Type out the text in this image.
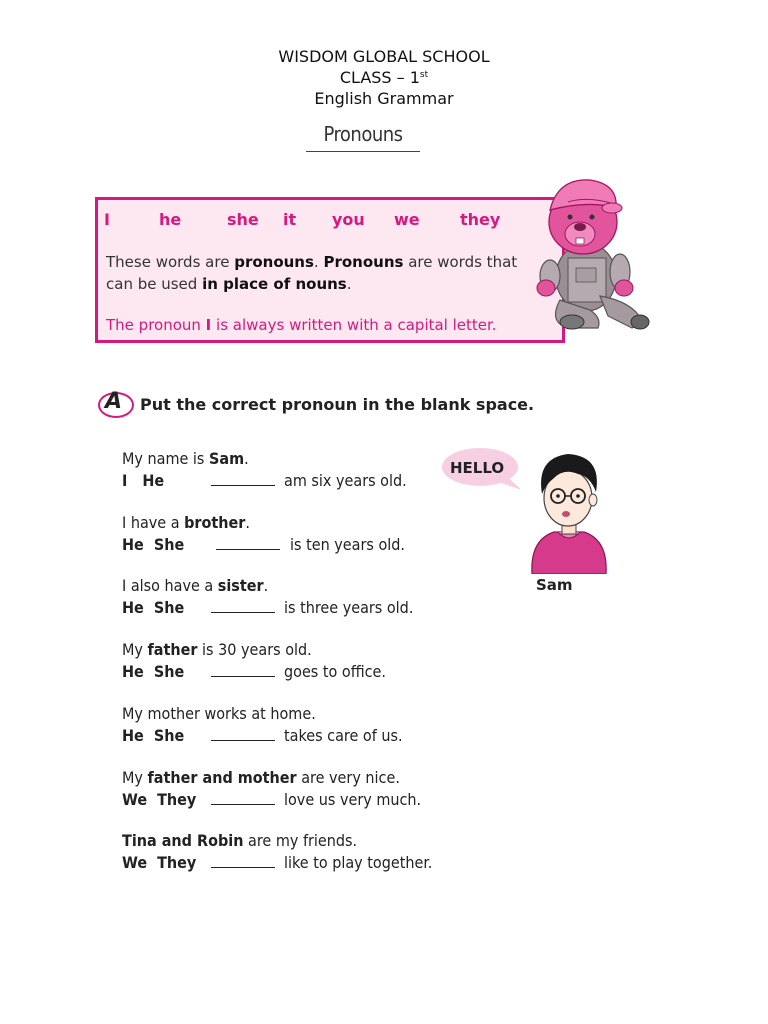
WISDOM GLOBAL SCHOOL
CLASS – 1st
English Grammar
Pronouns
I	he	she it you we	they
These words are pronouns. Pronouns are words that
can be used in place of nouns.
The pronoun I is always written with a capital letter.
A Put the correct pronoun in the blank space.
My name is Sam.
I   He	am six years old.
I have a brother.
He  She	is ten years old.
I also have a sister.
He  She	is three years old.
My father is 30 years old.
He  She	goes to office.
My mother works at home.
He  She	takes care of us.
My father and mother are very nice.
We  They	love us very much.
Tina and Robin are my friends.
We  They	like to play together.
HELLO
Sam
